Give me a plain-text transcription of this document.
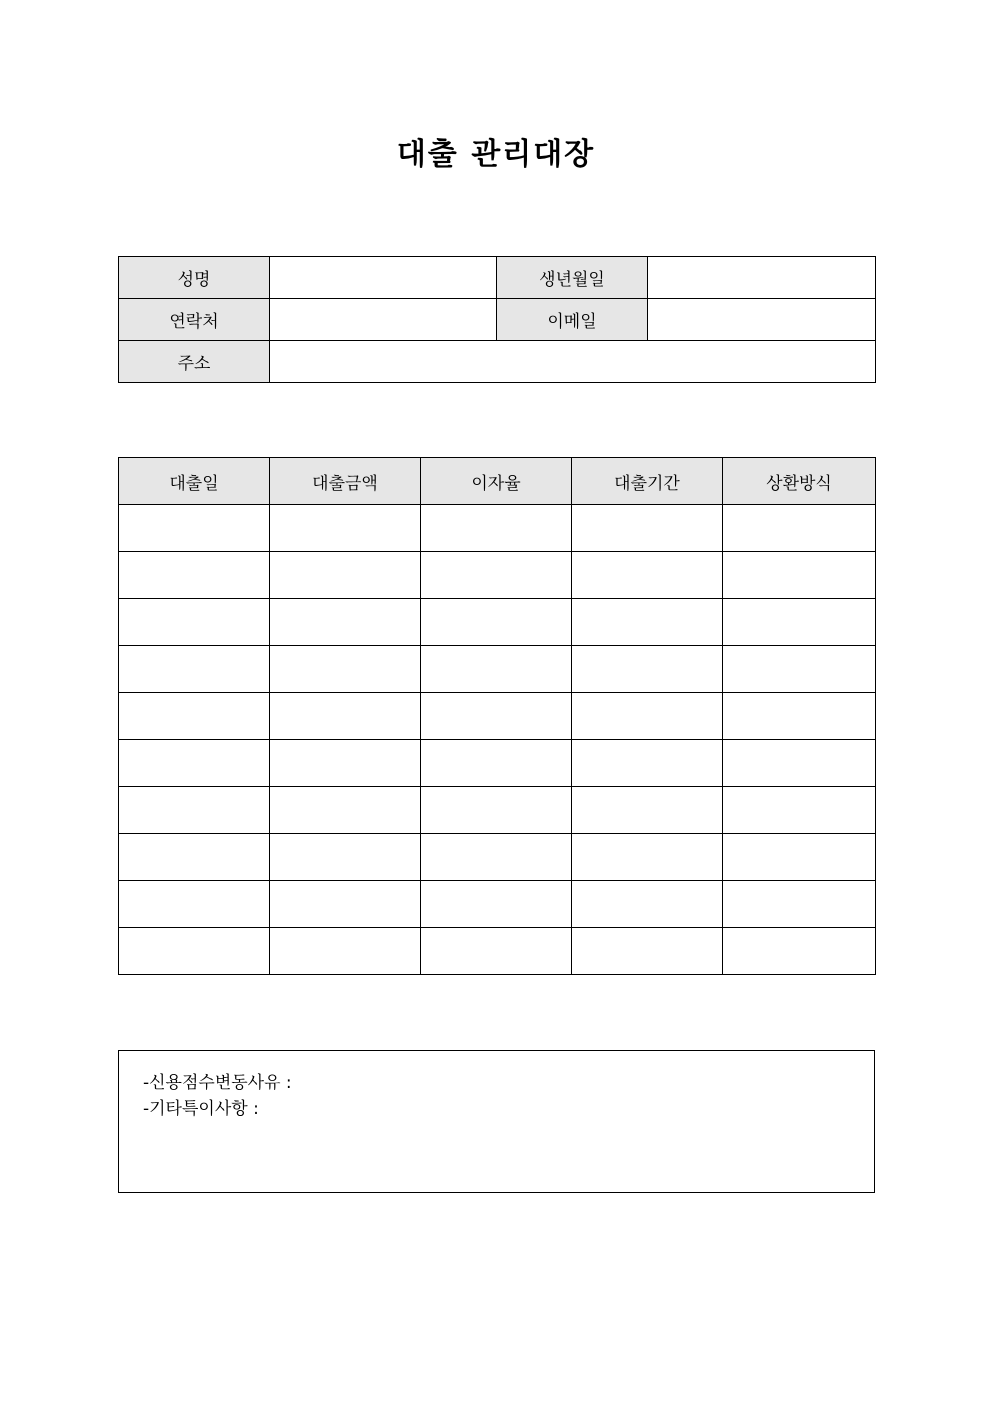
대출 관리대장
성명		생년월일	
연락처		이메일	
주소			
대출일	대출금액	이자율	대출기간	상환방식

-신용점수변동사유 :
-기타특이사항 :
